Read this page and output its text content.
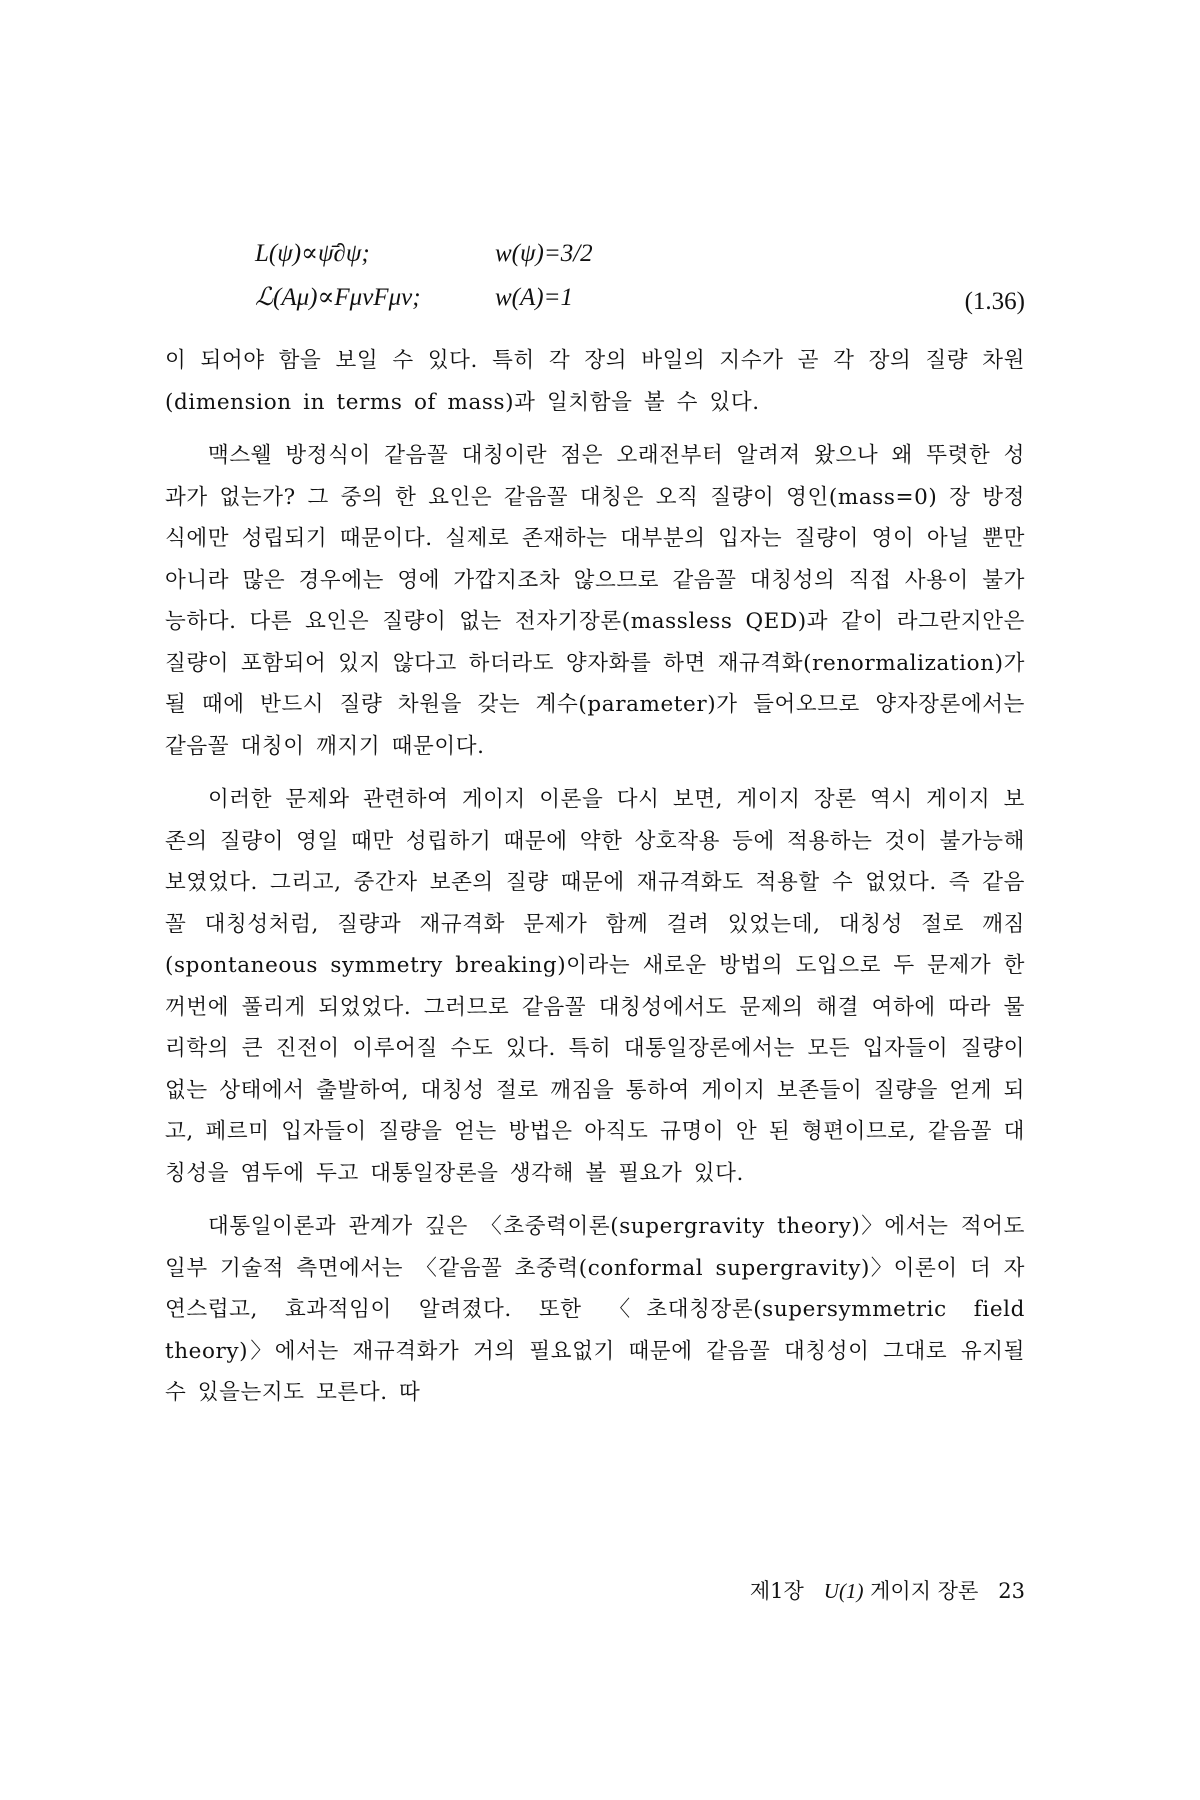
L(ψ)∝ψ̄∂ψ;	w(ψ)=3/2
ℒ(Aμ)∝FμνFμν;	w(A)=1	(1.36)

이 되어야 함을 보일 수 있다. 특히 각 장의 바일의 지수가 곧 각 장의 질량 차원(dimension in terms of mass)과 일치함을 볼 수 있다.

맥스웰 방정식이 같음꼴 대칭이란 점은 오래전부터 알려져 왔으나 왜 뚜렷한 성과가 없는가? 그 중의 한 요인은 같음꼴 대칭은 오직 질량이 영인(mass=0) 장 방정식에만 성립되기 때문이다. 실제로 존재하는 대부분의 입자는 질량이 영이 아닐 뿐만 아니라 많은 경우에는 영에 가깝지조차 않으므로 같음꼴 대칭성의 직접 사용이 불가능하다. 다른 요인은 질량이 없는 전자기장론(massless QED)과 같이 라그란지안은 질량이 포함되어 있지 않다고 하더라도 양자화를 하면 재규격화(renormalization)가 될 때에 반드시 질량 차원을 갖는 계수(parameter)가 들어오므로 양자장론에서는 같음꼴 대칭이 깨지기 때문이다.

이러한 문제와 관련하여 게이지 이론을 다시 보면, 게이지 장론 역시 게이지 보존의 질량이 영일 때만 성립하기 때문에 약한 상호작용 등에 적용하는 것이 불가능해 보였었다. 그리고, 중간자 보존의 질량 때문에 재규격화도 적용할 수 없었다. 즉 같음꼴 대칭성처럼, 질량과 재규격화 문제가 함께 걸려 있었는데, 대칭성 절로 깨짐(spontaneous symmetry breaking)이라는 새로운 방법의 도입으로 두 문제가 한꺼번에 풀리게 되었었다. 그러므로 같음꼴 대칭성에서도 문제의 해결 여하에 따라 물리학의 큰 진전이 이루어질 수도 있다. 특히 대통일장론에서는 모든 입자들이 질량이 없는 상태에서 출발하여, 대칭성 절로 깨짐을 통하여 게이지 보존들이 질량을 얻게 되고, 페르미 입자들이 질량을 얻는 방법은 아직도 규명이 안 된 형편이므로, 같음꼴 대칭성을 염두에 두고 대통일장론을 생각해 볼 필요가 있다.

대통일이론과 관계가 깊은 〈초중력이론(supergravity theory)〉에서는 적어도 일부 기술적 측면에서는 〈같음꼴 초중력(conformal supergravity)〉이론이 더 자연스럽고, 효과적임이 알려졌다. 또한 〈초대칭장론(supersymmetric field theory)〉에서는 재규격화가 거의 필요없기 때문에 같음꼴 대칭성이 그대로 유지될 수 있을는지도 모른다. 따

제1장 U(1) 게이지 장론 23
